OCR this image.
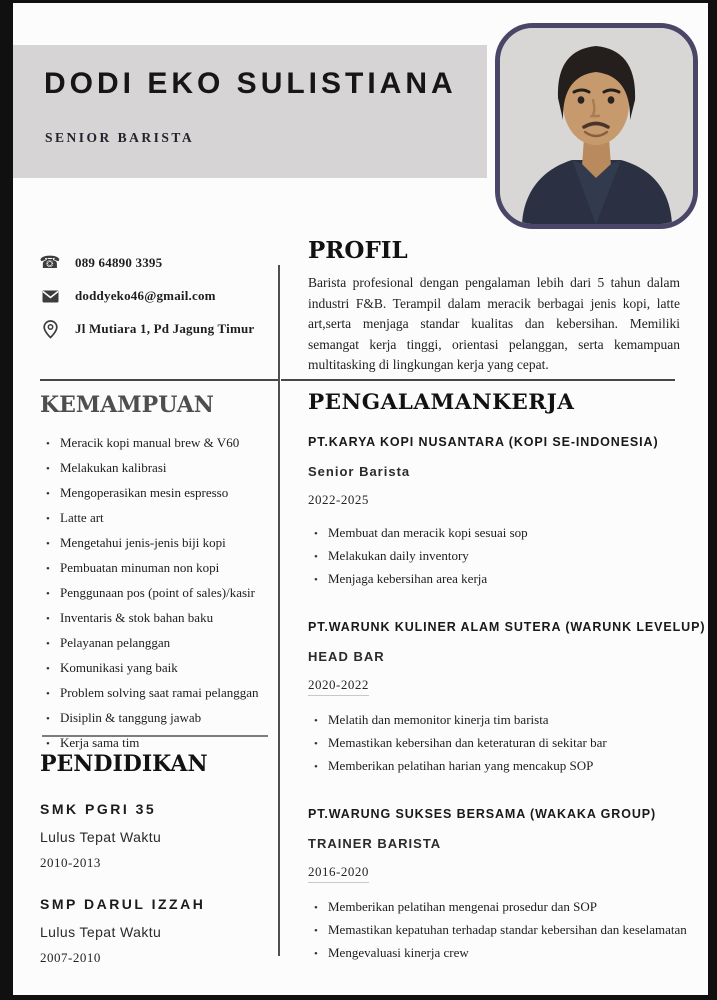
DODI EKO SULISTIANA
SENIOR BARISTA
☎ 089 64890 3395
doddyeko46@gmail.com
Jl Mutiara 1, Pd Jagung Timur
PROFIL
Barista profesional dengan pengalaman lebih dari 5 tahun dalam industri F&B. Terampil dalam meracik berbagai jenis kopi, latte art,serta menjaga standar kualitas dan kebersihan. Memiliki semangat kerja tinggi, orientasi pelanggan, serta kemampuan multitasking di lingkungan kerja yang cepat.
KEMAMPUAN
• Meracik kopi manual brew & V60
• Melakukan kalibrasi
• Mengoperasikan mesin espresso
• Latte art
• Mengetahui jenis-jenis biji kopi
• Pembuatan minuman non kopi
• Penggunaan pos (point of sales)/kasir
• Inventaris & stok bahan baku
• Pelayanan pelanggan
• Komunikasi yang baik
• Problem solving saat ramai pelanggan
• Disiplin & tanggung jawab
• Kerja sama tim
PENDIDIKAN
SMK PGRI 35
Lulus Tepat Waktu
2010-2013
SMP DARUL IZZAH
Lulus Tepat Waktu
2007-2010
PENGALAMANKERJA
PT.KARYA KOPI NUSANTARA (KOPI SE-INDONESIA)
Senior Barista
2022-2025
• Membuat dan meracik kopi sesuai sop
• Melakukan daily inventory
• Menjaga kebersihan area kerja
PT.WARUNK KULINER ALAM SUTERA (WARUNK LEVELUP)
HEAD BAR
2020-2022
• Melatih dan memonitor kinerja tim barista
• Memastikan kebersihan dan keteraturan di sekitar bar
• Memberikan pelatihan harian yang mencakup SOP
PT.WARUNG SUKSES BERSAMA (WAKAKA GROUP)
TRAINER BARISTA
2016-2020
• Memberikan pelatihan mengenai prosedur dan SOP
• Memastikan kepatuhan terhadap standar kebersihan dan keselamatan
• Mengevaluasi kinerja crew
